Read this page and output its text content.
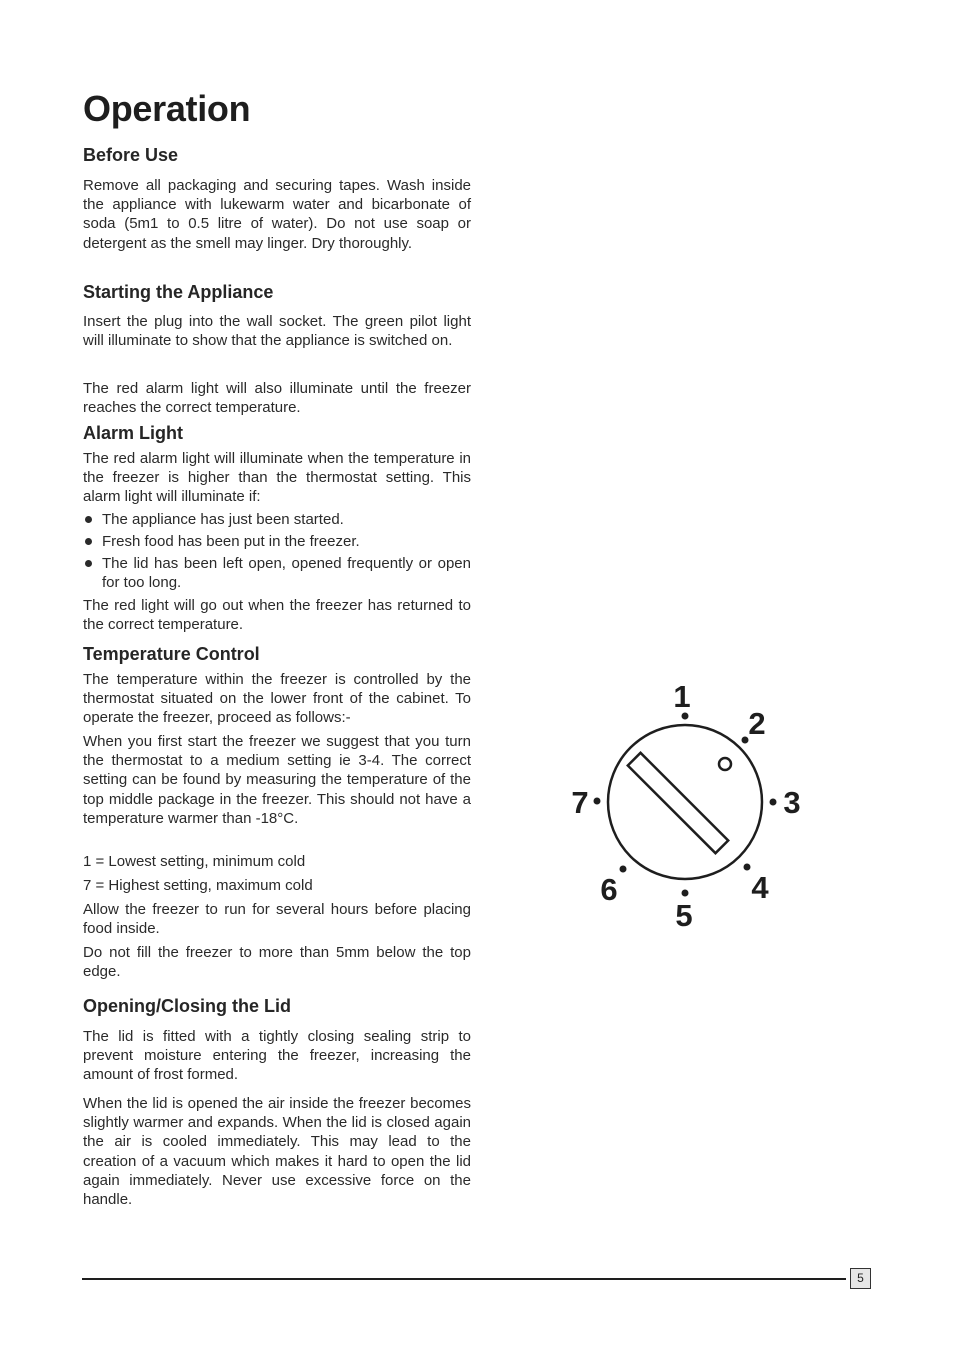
Operation
Before Use

Remove all packaging and securing tapes. Wash inside the appliance with lukewarm water and bicarbonate of soda (5m1 to 0.5 litre of water). Do not use soap or detergent as the smell may linger. Dry thoroughly.

Starting the Appliance

Insert the plug into the wall socket. The green pilot light will illuminate to show that the appliance is switched on.

The red alarm light will also illuminate until the freezer reaches the correct temperature.

Alarm Light

The red alarm light will illuminate when the temperature in the freezer is higher than the thermostat setting. This alarm light will illuminate if:

The appliance has just been started.
Fresh food has been put in the freezer.
The lid has been left open, opened frequently or open for too long.

The red light will go out when the freezer has returned to the correct temperature.

Temperature Control

The temperature within the freezer is controlled by the thermostat situated on the lower front of the cabinet. To operate the freezer, proceed as follows:-

When you first start the freezer we suggest that you turn the thermostat to a medium setting ie 3-4. The correct setting can be found by measuring the temperature of the top middle package in the freezer. This should not have a temperature warmer than -18°C.

1 = Lowest setting, minimum cold

7 = Highest setting, maximum cold

Allow the freezer to run for several hours before placing food inside.

Do not fill the freezer to more than 5mm below the top edge.

Opening/Closing the Lid

The lid is fitted with a tightly closing sealing strip to prevent moisture entering the freezer, increasing the amount of frost formed.

When the lid is opened the air inside the freezer becomes slightly warmer and expands. When the lid is closed again the air is cooled immediately. This may lead to the creation of a vacuum which makes it hard to open the lid again immediately. Never use excessive force on the handle.

1
2
3
4
5
6
7
5
